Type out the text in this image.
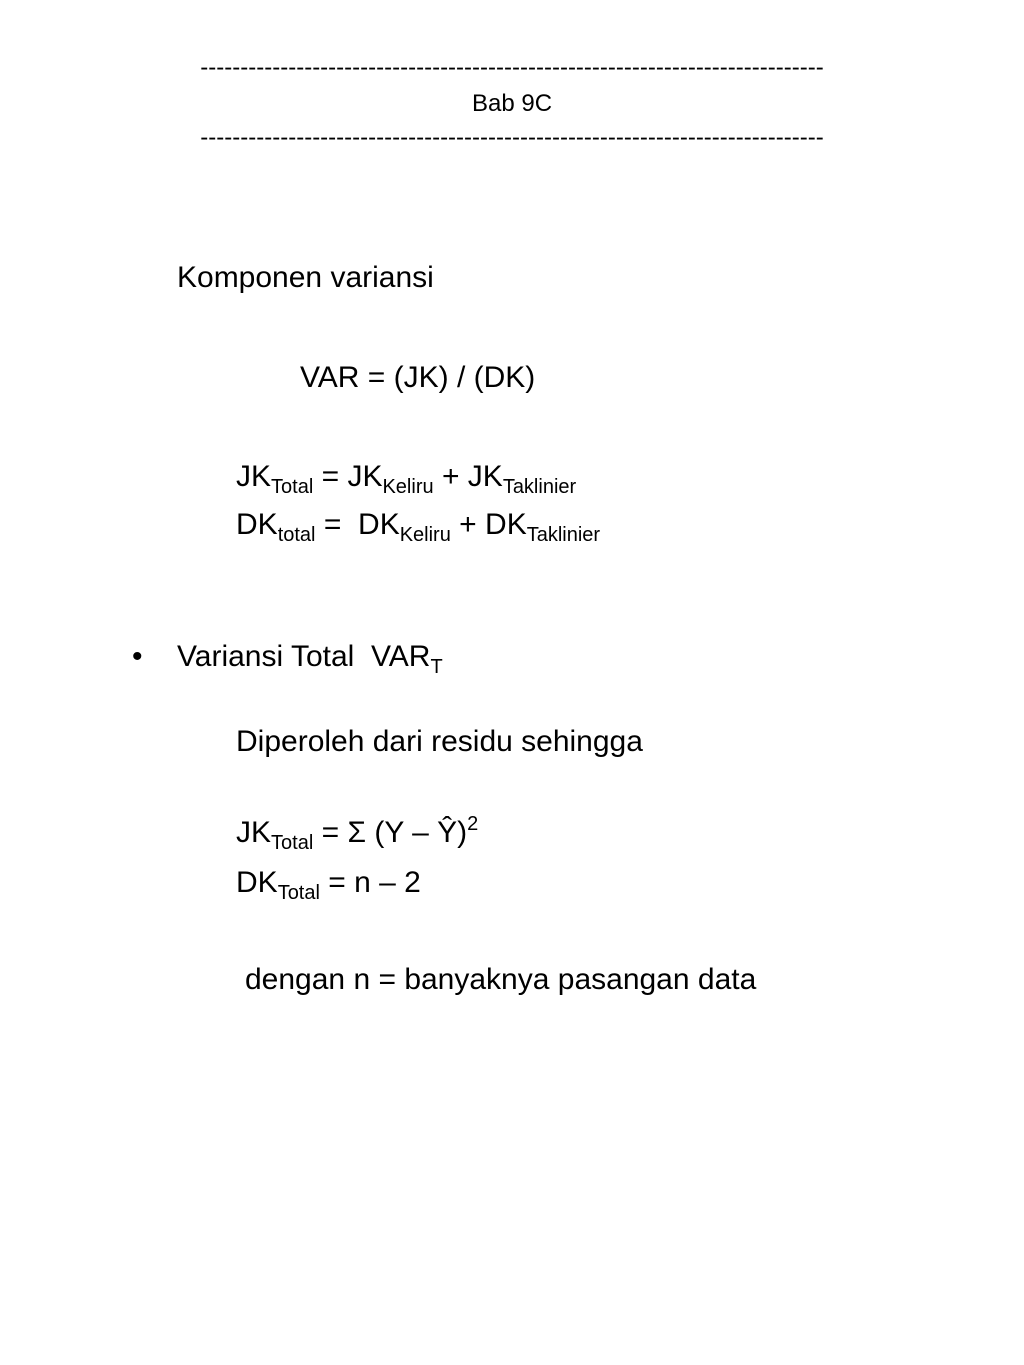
------------------------------------------------------------------------------
Bab 9C
------------------------------------------------------------------------------
Komponen variansi
VAR = (JK) / (DK)
$JK_{Total} = JK_{Keliru} + JK_{Taklinier}$
$DK_{total} = DK_{Keliru} + DK_{Taklinier}$
• Variansi Total  $VAR_T$
Diperoleh dari residu sehingga
$JK_{Total} = \Sigma$ (Y – Ŷ)$^2$
$DK_{Total} = n - 2$
dengan n = banyaknya pasangan data
